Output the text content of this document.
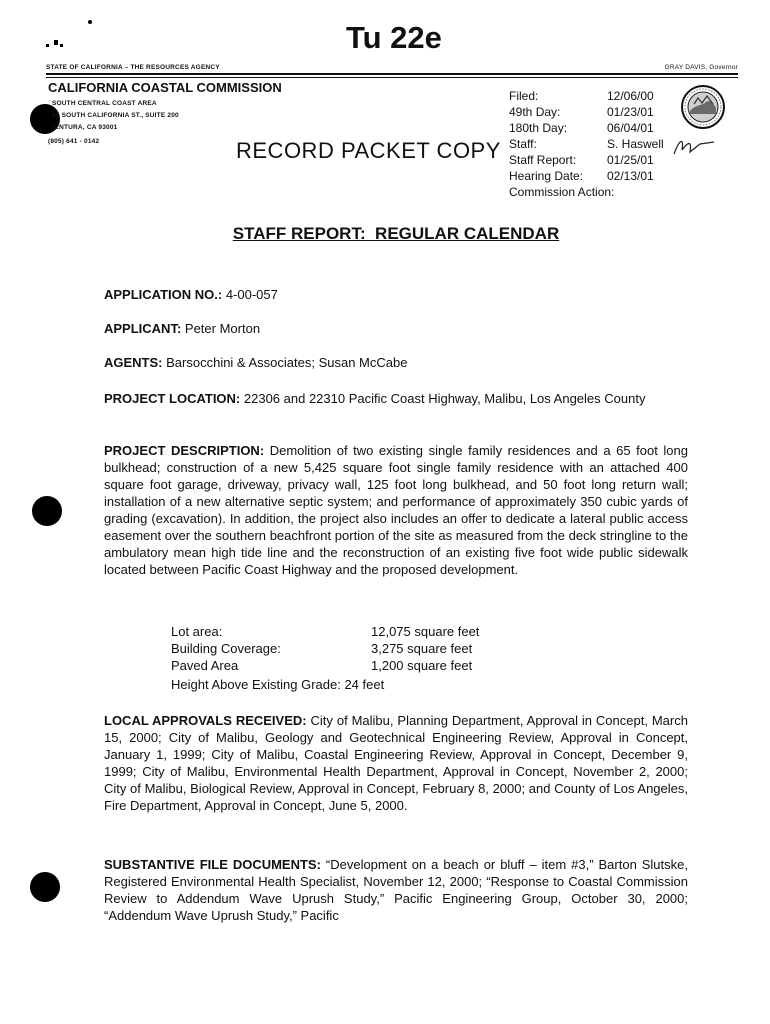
Tu 22e
STATE OF CALIFORNIA – THE RESOURCES AGENCY	GRAY DAVIS, Governor
CALIFORNIA COASTAL COMMISSION
SOUTH CENTRAL COAST AREA
89 SOUTH CALIFORNIA ST., SUITE 200
VENTURA, CA 93001
(805) 641 - 0142	RECORD PACKET COPY
Filed:	12/06/00
49th Day:	01/23/01
180th Day:	06/04/01
Staff:	S. Haswell
Staff Report:	01/25/01
Hearing Date: 02/13/01
Commission Action:
STAFF REPORT:  REGULAR CALENDAR
APPLICATION NO.: 4-00-057
APPLICANT: Peter Morton
AGENTS: Barsocchini & Associates; Susan McCabe
PROJECT LOCATION: 22306 and 22310 Pacific Coast Highway, Malibu, Los Angeles County
PROJECT DESCRIPTION: Demolition of two existing single family residences and a 65 foot long bulkhead; construction of a new 5,425 square foot single family residence with an attached 400 square foot garage, driveway, privacy wall, 125 foot long bulkhead, and 50 foot long return wall; installation of a new alternative septic system; and performance of approximately 350 cubic yards of grading (excavation). In addition, the project also includes an offer to dedicate a lateral public access easement over the southern beachfront portion of the site as measured from the deck stringline to the ambulatory mean high tide line and the reconstruction of an existing five foot wide public sidewalk located between Pacific Coast Highway and the proposed development.
Lot area:	12,075 square feet
Building Coverage:	3,275 square feet
Paved Area	1,200 square feet
Height Above Existing Grade: 24 feet
LOCAL APPROVALS RECEIVED: City of Malibu, Planning Department, Approval in Concept, March 15, 2000; City of Malibu, Geology and Geotechnical Engineering Review, Approval in Concept, January 1, 1999; City of Malibu, Coastal Engineering Review, Approval in Concept, December 9, 1999; City of Malibu, Environmental Health Department, Approval in Concept, November 2, 2000; City of Malibu, Biological Review, Approval in Concept, February 8, 2000; and County of Los Angeles, Fire Department, Approval in Concept, June 5, 2000.
SUBSTANTIVE FILE DOCUMENTS: “Development on a beach or bluff – item #3,” Barton Slutske, Registered Environmental Health Specialist, November 12, 2000; “Response to Coastal Commission Review to Addendum Wave Uprush Study,” Pacific Engineering Group, October 30, 2000; “Addendum Wave Uprush Study,” Pacific
